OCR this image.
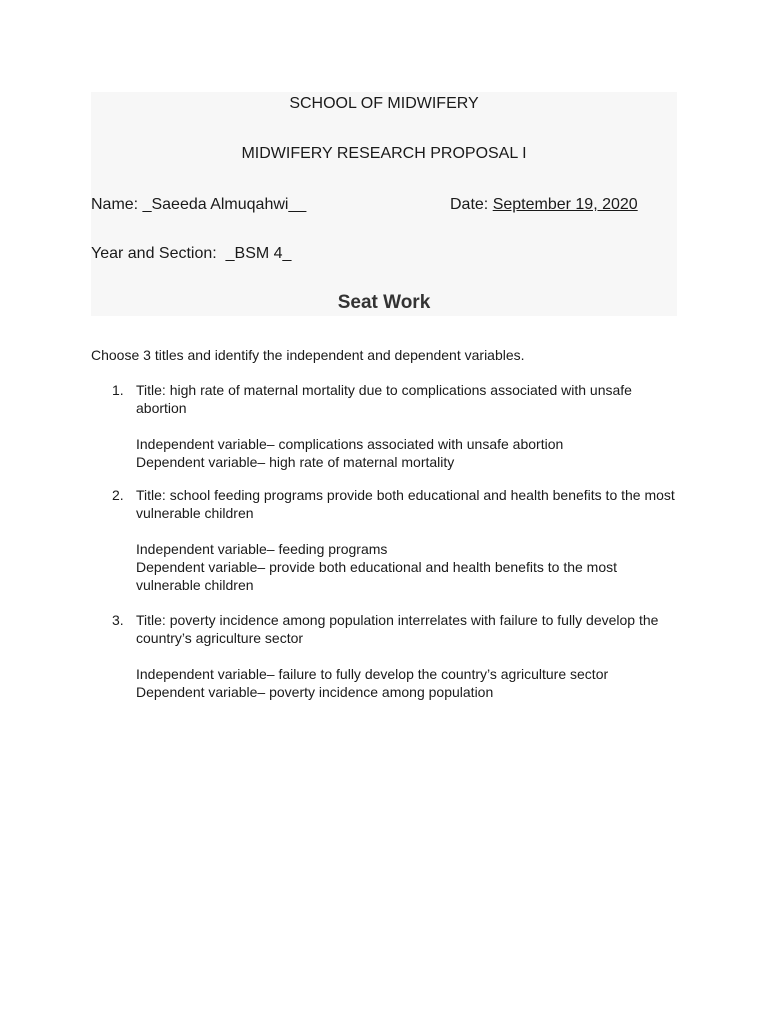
SCHOOL OF MIDWIFERY
MIDWIFERY RESEARCH PROPOSAL I
Name: _Saeeda Almuqahwi__	Date: September 19, 2020
Year and Section:  _BSM 4_
Seat Work
Choose 3 titles and identify the independent and dependent variables.
1. Title: high rate of maternal mortality due to complications associated with unsafe abortion
Independent variable– complications associated with unsafe abortion
Dependent variable– high rate of maternal mortality
2. Title: school feeding programs provide both educational and health benefits to the most vulnerable children
Independent variable– feeding programs
Dependent variable– provide both educational and health benefits to the most vulnerable children
3. Title: poverty incidence among population interrelates with failure to fully develop the country’s agriculture sector
Independent variable– failure to fully develop the country’s agriculture sector
Dependent variable– poverty incidence among population
